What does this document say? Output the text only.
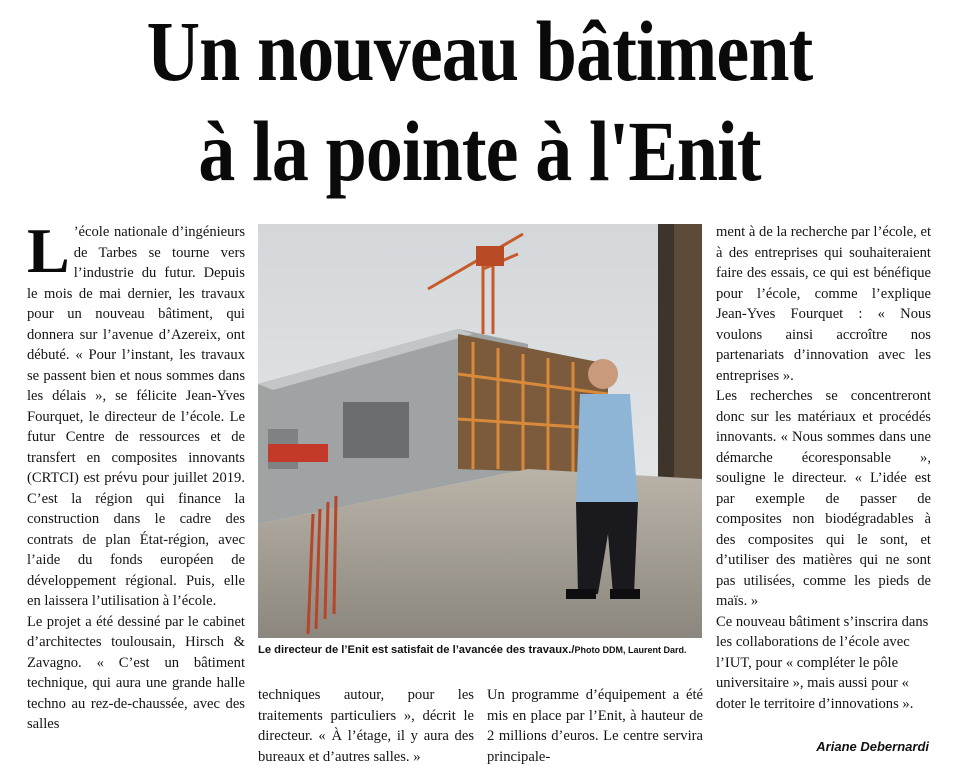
Un nouveau bâtiment
à la pointe à l'Enit

L ’école nationale d’ingénieurs de Tarbes se tourne vers l’industrie du futur. Depuis le mois de mai dernier, les travaux pour un nouveau bâtiment, qui donnera sur l’avenue d’Azereix, ont débuté. « Pour l’instant, les travaux se passent bien et nous sommes dans les délais », se félicite Jean-Yves Fourquet, le directeur de l’école. Le futur Centre de ressources et de transfert en composites innovants (CRTCI) est prévu pour juillet 2019. C’est la région qui finance la construction dans le cadre des contrats de plan État-région, avec l’aide du fonds européen de développement régional. Puis, elle en laissera l’utilisation à l’école.

Le projet a été dessiné par le cabinet d’architectes toulousain, Hirsch & Zavagno. « C’est un bâtiment technique, qui aura une grande halle techno au rez-de-chaussée, avec des salles

Le directeur de l’Enit est satisfait de l’avancée des travaux./Photo DDM, Laurent Dard.

techniques autour, pour les traitements particuliers », décrit le directeur. « À l’étage, il y aura des bureaux et d’autres salles. »

Un programme d’équipement a été mis en place par l’Enit, à hauteur de 2 millions d’euros. Le centre servira principale-

ment à de la recherche par l’école, et à des entreprises qui souhaiteraient faire des essais, ce qui est bénéfique pour l’école, comme l’explique Jean-Yves Fourquet : « Nous voulons ainsi accroître nos partenariats d’innovation avec les entreprises ».

Les recherches se concentreront donc sur les matériaux et procédés innovants. « Nous sommes dans une démarche écoresponsable », souligne le directeur. « L’idée est par exemple de passer de composites non biodégradables à des composites qui le sont, et d’utiliser des matières qui ne sont pas utilisées, comme les pieds de maïs. »

Ce nouveau bâtiment s’inscrira dans les collaborations de l’école avec l’IUT, pour « compléter le pôle universitaire », mais aussi pour « doter le territoire d’innovations ».

Ariane Debernardi
